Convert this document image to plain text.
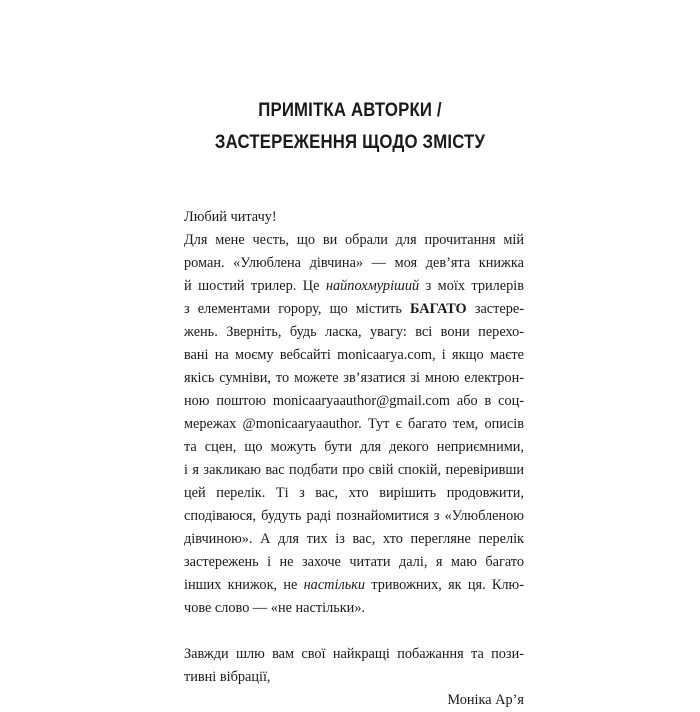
ПРИМІТКА АВТОРКИ /
ЗАСТЕРЕЖЕННЯ ЩОДО ЗМІСТУ
Любий читачу!
Для мене честь, що ви обрали для прочитання мій
роман. «Улюблена дівчина» — моя дев’ята книжка
й шостий трилер. Це найпохмуріший з моїх трилерів
з елементами горору, що містить БАГАТО застере-
жень. Зверніть, будь ласка, увагу: всі вони перехо-
вані на моєму вебсайті monicaarya.com, і якщо маєте
якісь сумніви, то можете зв’язатися зі мною електрон-
ною поштою monicaaryaauthor@gmail.com або в соц-
мережах @monicaaryaauthor. Тут є багато тем, описів
та сцен, що можуть бути для декого неприємними,
і я закликаю вас подбати про свій спокій, перевіривши
цей перелік. Ті з вас, хто вирішить продовжити,
сподіваюся, будуть раді познайомитися з «Улюбленою
дівчиною». А для тих із вас, хто перегляне перелік
застережень і не захоче читати далі, я маю багато
інших книжок, не настільки тривожних, як ця. Клю-
чове слово — «не настільки».
Завжди шлю вам свої найкращі побажання та пози-
тивні вібрації,
Моніка Ар’я
